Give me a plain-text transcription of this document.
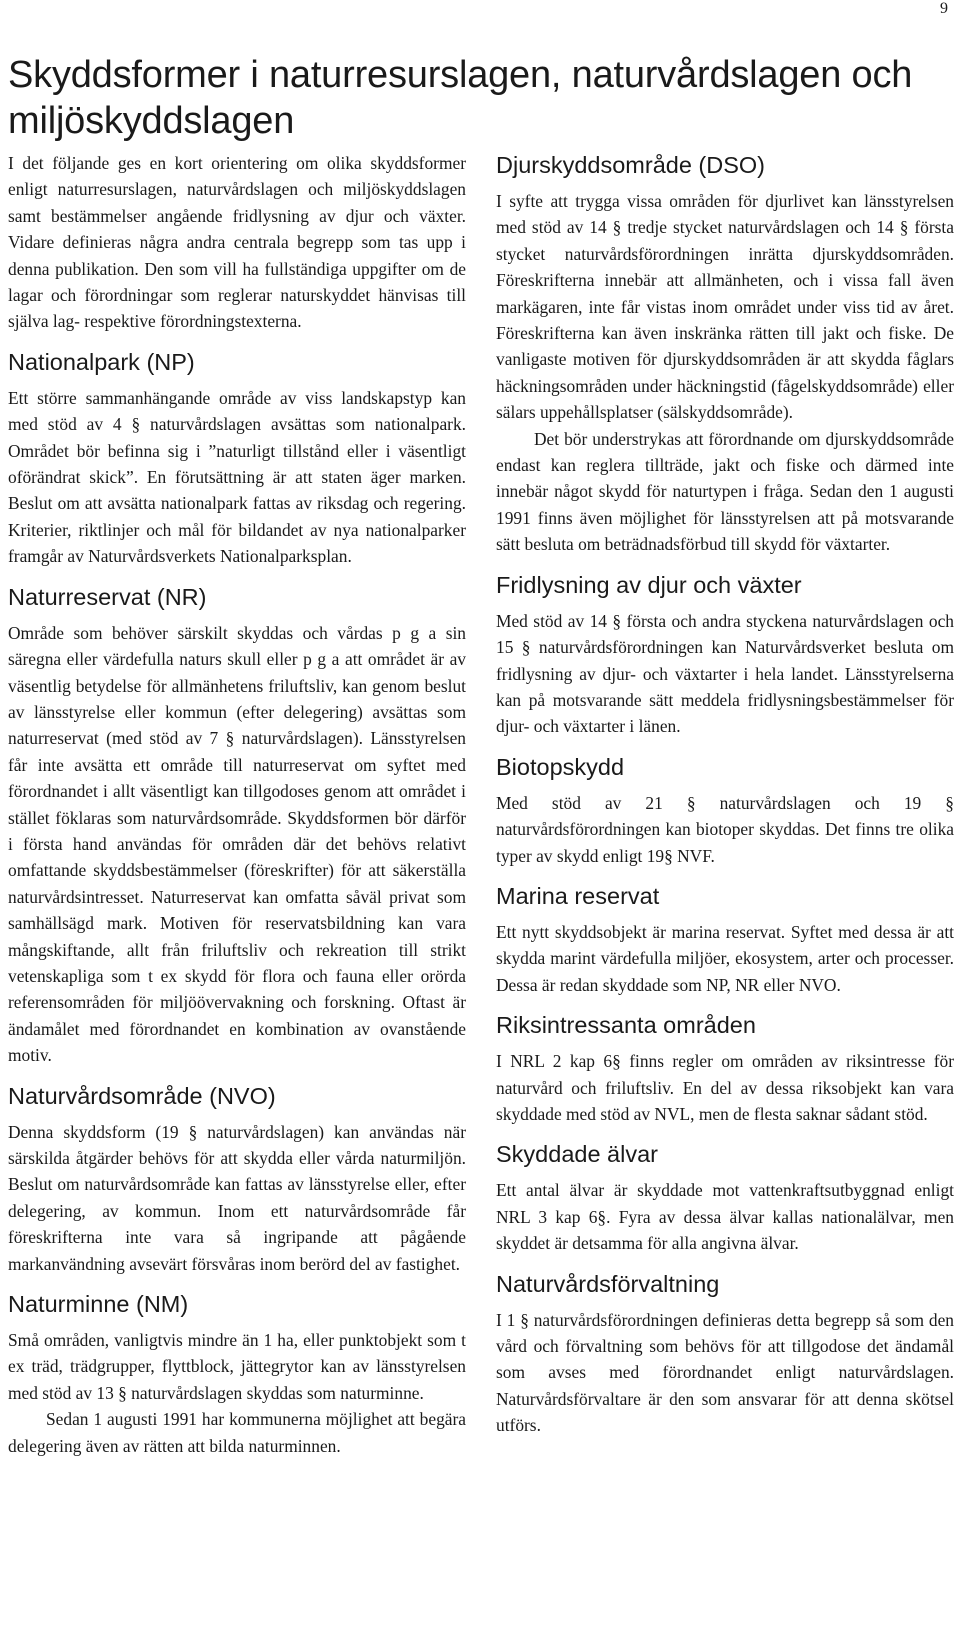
9
Skyddsformer i naturresurslagen, naturvårdslagen och miljöskyddslagen

I det följande ges en kort orientering om olika skyddsformer enligt naturresurslagen, naturvårdslagen och miljöskyddslagen samt bestämmelser angående fridlysning av djur och växter. Vidare definieras några andra centrala begrepp som tas upp i denna publikation. Den som vill ha fullständiga uppgifter om de lagar och förordningar som reglerar naturskyddet hänvisas till själva lag- respektive förordningstexterna.

Nationalpark (NP)

Ett större sammanhängande område av viss landskapstyp kan med stöd av 4 § naturvårdslagen avsättas som nationalpark. Området bör befinna sig i ”naturligt tillstånd eller i väsentligt oförändrat skick”. En förutsättning är att staten äger marken. Beslut om att avsätta nationalpark fattas av riksdag och regering. Kriterier, riktlinjer och mål för bildandet av nya nationalparker framgår av Naturvårdsverkets Nationalparksplan.

Naturreservat (NR)

Område som behöver särskilt skyddas och vårdas p g a sin säregna eller värdefulla naturs skull eller p g a att området är av väsentlig betydelse för allmänhetens friluftsliv, kan genom beslut av länsstyrelse eller kommun (efter delegering) avsättas som naturreservat (med stöd av 7 § naturvårdslagen). Länsstyrelsen får inte avsätta ett område till naturreservat om syftet med förordnandet i allt väsentligt kan tillgodoses genom att området i stället föklaras som naturvårdsområde. Skyddsformen bör därför i första hand användas för områden där det behövs relativt omfattande skyddsbestämmelser (föreskrifter) för att säkerställa naturvårdsintresset. Naturreservat kan omfatta såväl privat som samhällsägd mark. Motiven för reservatsbildning kan vara mångskiftande, allt från friluftsliv och rekreation till strikt vetenskapliga som t ex skydd för flora och fauna eller orörda referensområden för miljöövervakning och forskning. Oftast är ändamålet med förordnandet en kombination av ovanstående motiv.

Naturvårdsområde (NVO)

Denna skyddsform (19 § naturvårdslagen) kan användas när särskilda åtgärder behövs för att skydda eller vårda naturmiljön. Beslut om naturvårdsområde kan fattas av länsstyrelse eller, efter delegering, av kommun. Inom ett naturvårdsområde får föreskrifterna inte vara så ingripande att pågående markanvändning avsevärt försvåras inom berörd del av fastighet.

Naturminne (NM)

Små områden, vanligtvis mindre än 1 ha, eller punktobjekt som t ex träd, trädgrupper, flyttblock, jättegrytor kan av länsstyrelsen med stöd av 13 § naturvårdslagen skyddas som naturminne.

Sedan 1 augusti 1991 har kommunerna möjlighet att begära delegering även av rätten att bilda naturminnen.

Djurskyddsområde (DSO)

I syfte att trygga vissa områden för djurlivet kan länsstyrelsen med stöd av 14 § tredje stycket naturvårdslagen och 14 § första stycket naturvårdsförordningen inrätta djurskyddsområden. Föreskrifterna innebär att allmänheten, och i vissa fall även markägaren, inte får vistas inom området under viss tid av året. Föreskrifterna kan även inskränka rätten till jakt och fiske. De vanligaste motiven för djurskyddsområden är att skydda fåglars häckningsområden under häckningstid (fågelskyddsområde) eller sälars uppehållsplatser (sälskyddsområde).

Det bör understrykas att förordnande om djurskyddsområde endast kan reglera tillträde, jakt och fiske och därmed inte innebär något skydd för naturtypen i fråga. Sedan den 1 augusti 1991 finns även möjlighet för länsstyrelsen att på motsvarande sätt besluta om beträdnadsförbud till skydd för växtarter.

Fridlysning av djur och växter

Med stöd av 14 § första och andra styckena naturvårdslagen och 15 § naturvårdsförordningen kan Naturvårdsverket besluta om fridlysning av djur- och växtarter i hela landet. Länsstyrelserna kan på motsvarande sätt meddela fridlysningsbestämmelser för djur- och växtarter i länen.

Biotopskydd

Med stöd av 21 § naturvårdslagen och 19 § naturvårdsförordningen kan biotoper skyddas. Det finns tre olika typer av skydd enligt 19§ NVF.

Marina reservat

Ett nytt skyddsobjekt är marina reservat. Syftet med dessa är att skydda marint värdefulla miljöer, ekosystem, arter och processer. Dessa är redan skyddade som NP, NR eller NVO.

Riksintressanta områden

I NRL 2 kap 6§ finns regler om områden av riksintresse för naturvård och friluftsliv. En del av dessa riksobjekt kan vara skyddade med stöd av NVL, men de flesta saknar sådant stöd.

Skyddade älvar

Ett antal älvar är skyddade mot vattenkraftsutbyggnad enligt NRL 3 kap 6§. Fyra av dessa älvar kallas nationalälvar, men skyddet är detsamma för alla angivna älvar.

Naturvårdsförvaltning

I 1 § naturvårdsförordningen definieras detta begrepp så som den vård och förvaltning som behövs för att tillgodose det ändamål som avses med förordnandet enligt naturvårdslagen. Naturvårdsförvaltare är den som ansvarar för att denna skötsel utförs.
